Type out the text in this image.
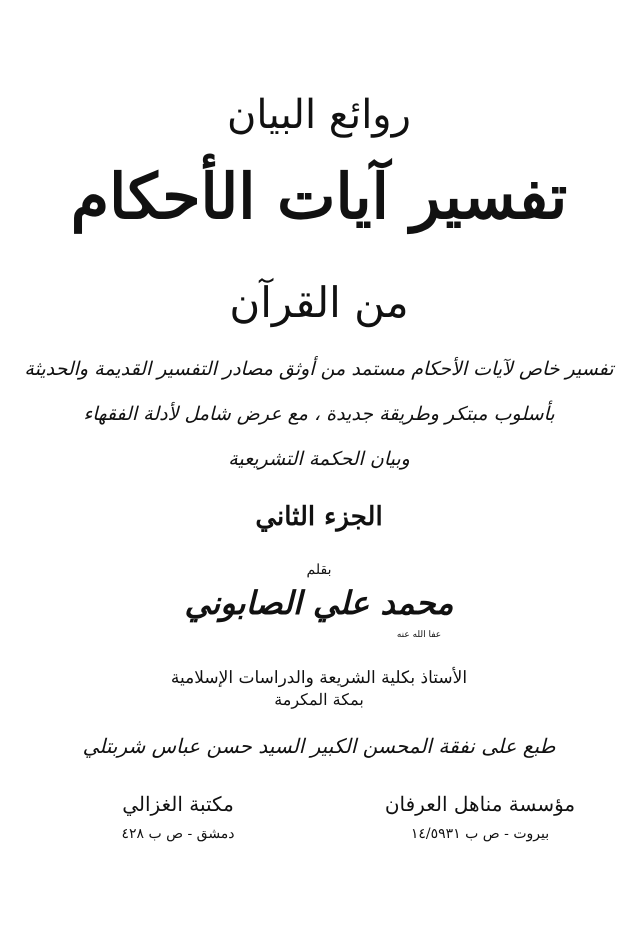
روائع البيان
تفسير آيات الأحكام
من القرآن
تفسير خاص لآيات الأحكام مستمد من أوثق مصادر التفسير القديمة والحديثة
بأسلوب مبتكر وطريقة جديدة ، مع عرض شامل لأدلة الفقهاء
وبيان الحكمة التشريعية
الجزء الثاني
بقلم
محمد علي الصابوني
عفا الله عنه
الأستاذ بكلية الشريعة والدراسات الإسلامية
بمكة المكرمة
طبع على نفقة المحسن الكبير السيد حسن عباس شربتلي
مؤسسة مناهل العرفان
بيروت - ص ب ١٤/٥٩٣١
مكتبة الغزالي
دمشق - ص ب ٤٢٨
